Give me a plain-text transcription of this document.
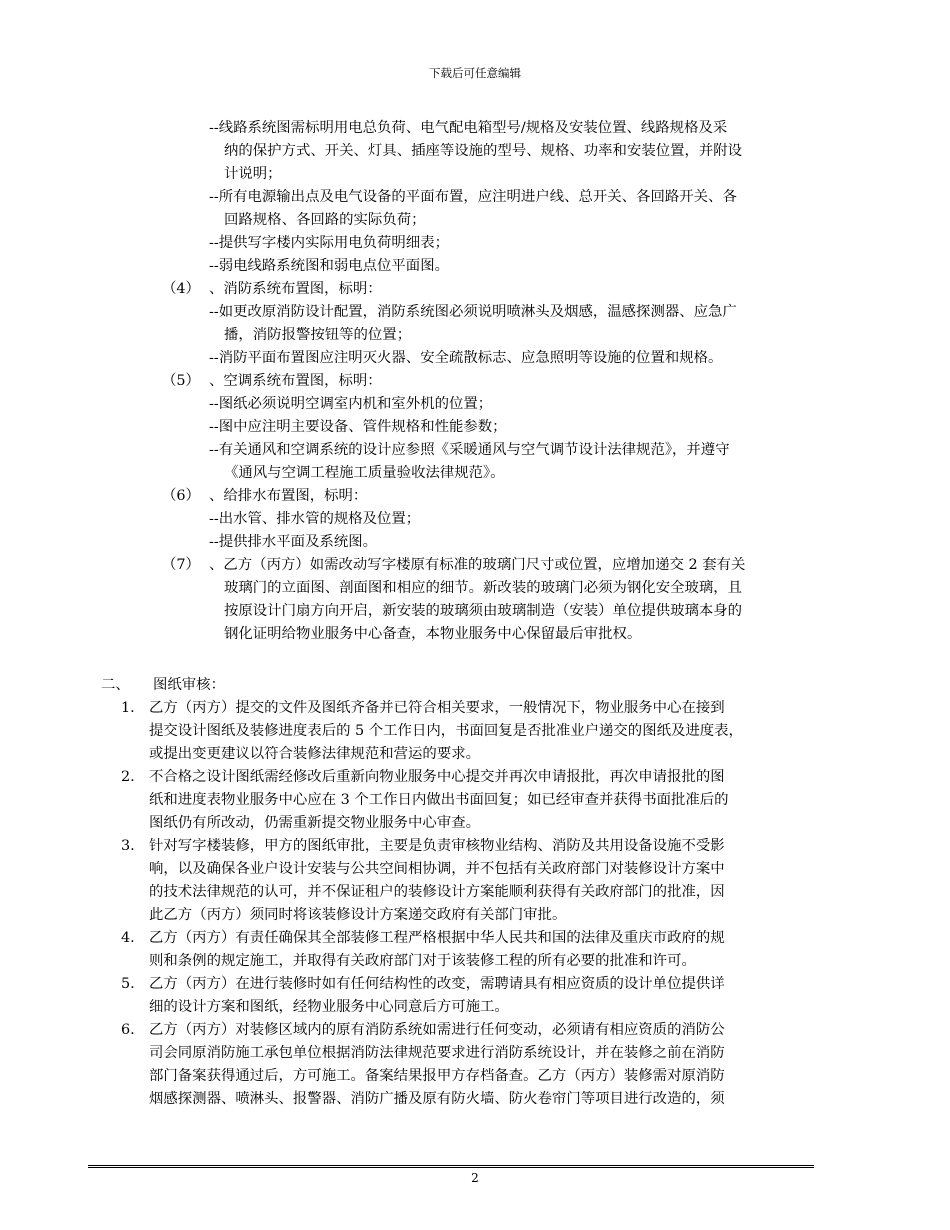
下载后可任意编辑
--线路系统图需标明用电总负荷、电气配电箱型号/规格及安装位置、线路规格及采
纳的保护方式、开关、灯具、插座等设施的型号、规格、功率和安装位置，并附设
计说明；
--所有电源输出点及电气设备的平面布置，应注明进户线、总开关、各回路开关、各
回路规格、各回路的实际负荷；
--提供写字楼内实际用电负荷明细表；
--弱电线路系统图和弱电点位平面图。
（4） 、消防系统布置图，标明：
--如更改原消防设计配置，消防系统图必须说明喷淋头及烟感，温感探测器、应急广
播，消防报警按钮等的位置；
--消防平面布置图应注明灭火器、安全疏散标志、应急照明等设施的位置和规格。
（5） 、空调系统布置图，标明：
--图纸必须说明空调室内机和室外机的位置；
--图中应注明主要设备、管件规格和性能参数；
--有关通风和空调系统的设计应参照《采暖通风与空气调节设计法律规范》，并遵守
《通风与空调工程施工质量验收法律规范》。
（6） 、给排水布置图，标明：
--出水管、排水管的规格及位置；
--提供排水平面及系统图。
（7） 、乙方（丙方）如需改动写字楼原有标准的玻璃门尺寸或位置，应增加递交 2 套有关
玻璃门的立面图、剖面图和相应的细节。新改装的玻璃门必须为钢化安全玻璃，且
按原设计门扇方向开启，新安装的玻璃须由玻璃制造（安装）单位提供玻璃本身的
钢化证明给物业服务中心备查，本物业服务中心保留最后审批权。
二、 图纸审核：
1. 乙方（丙方）提交的文件及图纸齐备并已符合相关要求，一般情况下，物业服务中心在接到
提交设计图纸及装修进度表后的 5 个工作日内，书面回复是否批准业户递交的图纸及进度表，
或提出变更建议以符合装修法律规范和营运的要求。
2. 不合格之设计图纸需经修改后重新向物业服务中心提交并再次申请报批，再次申请报批的图
纸和进度表物业服务中心应在 3 个工作日内做出书面回复；如已经审查并获得书面批准后的
图纸仍有所改动，仍需重新提交物业服务中心审查。
3. 针对写字楼装修，甲方的图纸审批，主要是负责审核物业结构、消防及共用设备设施不受影
响，以及确保各业户设计安装与公共空间相协调，并不包括有关政府部门对装修设计方案中
的技术法律规范的认可，并不保证租户的装修设计方案能顺利获得有关政府部门的批准，因
此乙方（丙方）须同时将该装修设计方案递交政府有关部门审批。
4. 乙方（丙方）有责任确保其全部装修工程严格根据中华人民共和国的法律及重庆市政府的规
则和条例的规定施工，并取得有关政府部门对于该装修工程的所有必要的批准和许可。
5. 乙方（丙方）在进行装修时如有任何结构性的改变，需聘请具有相应资质的设计单位提供详
细的设计方案和图纸，经物业服务中心同意后方可施工。
6. 乙方（丙方）对装修区域内的原有消防系统如需进行任何变动，必须请有相应资质的消防公
司会同原消防施工承包单位根据消防法律规范要求进行消防系统设计，并在装修之前在消防
部门备案获得通过后，方可施工。备案结果报甲方存档备查。乙方（丙方）装修需对原消防
烟感探测器、喷淋头、报警器、消防广播及原有防火墙、防火卷帘门等项目进行改造的，须
2
